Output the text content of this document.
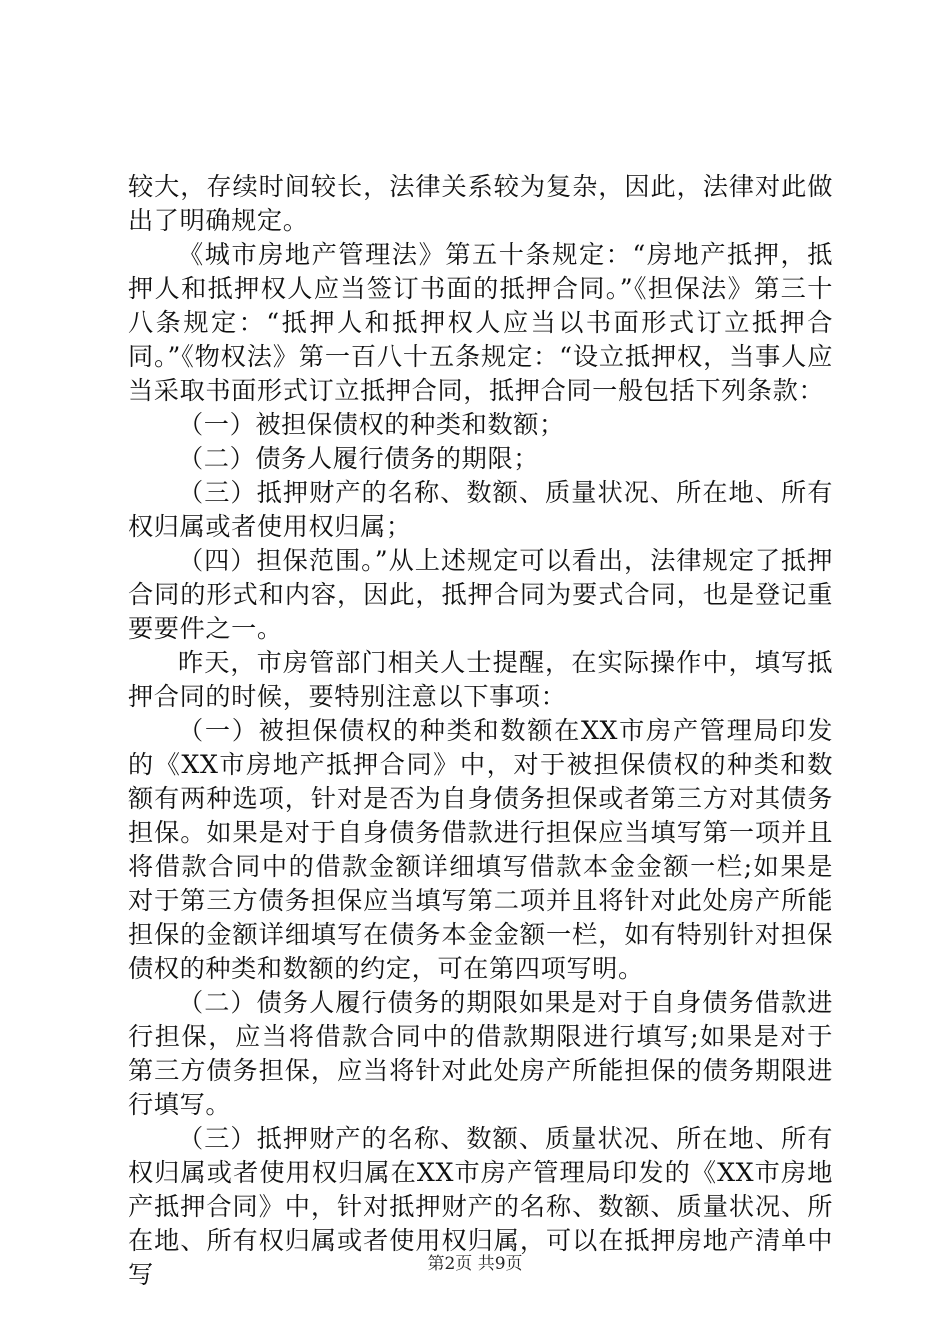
较大，存续时间较长，法律关系较为复杂，因此，法律对此做出了明确规定。

《城市房地产管理法》第五十条规定：“房地产抵押，抵押人和抵押权人应当签订书面的抵押合同。”《担保法》第三十八条规定：“抵押人和抵押权人应当以书面形式订立抵押合同。”《物权法》第一百八十五条规定：“设立抵押权，当事人应当采取书面形式订立抵押合同，抵押合同一般包括下列条款：

（一）被担保债权的种类和数额；

（二）债务人履行债务的期限；

（三）抵押财产的名称、数额、质量状况、所在地、所有权归属或者使用权归属；

（四）担保范围。”从上述规定可以看出，法律规定了抵押合同的形式和内容，因此，抵押合同为要式合同，也是登记重要要件之一。

昨天，市房管部门相关人士提醒，在实际操作中，填写抵押合同的时候，要特别注意以下事项：

（一）被担保债权的种类和数额在XX市房产管理局印发的《XX市房地产抵押合同》中，对于被担保债权的种类和数额有两种选项，针对是否为自身债务担保或者第三方对其债务担保。如果是对于自身债务借款进行担保应当填写第一项并且将借款合同中的借款金额详细填写借款本金金额一栏;如果是对于第三方债务担保应当填写第二项并且将针对此处房产所能担保的金额详细填写在债务本金金额一栏，如有特别针对担保债权的种类和数额的约定，可在第四项写明。

（二）债务人履行债务的期限如果是对于自身债务借款进行担保，应当将借款合同中的借款期限进行填写;如果是对于第三方债务担保，应当将针对此处房产所能担保的债务期限进行填写。

（三）抵押财产的名称、数额、质量状况、所在地、所有权归属或者使用权归属在XX市房产管理局印发的《XX市房地产抵押合同》中，针对抵押财产的名称、数额、质量状况、所在地、所有权归属或者使用权归属，可以在抵押房地产清单中写	第2页 共9页
